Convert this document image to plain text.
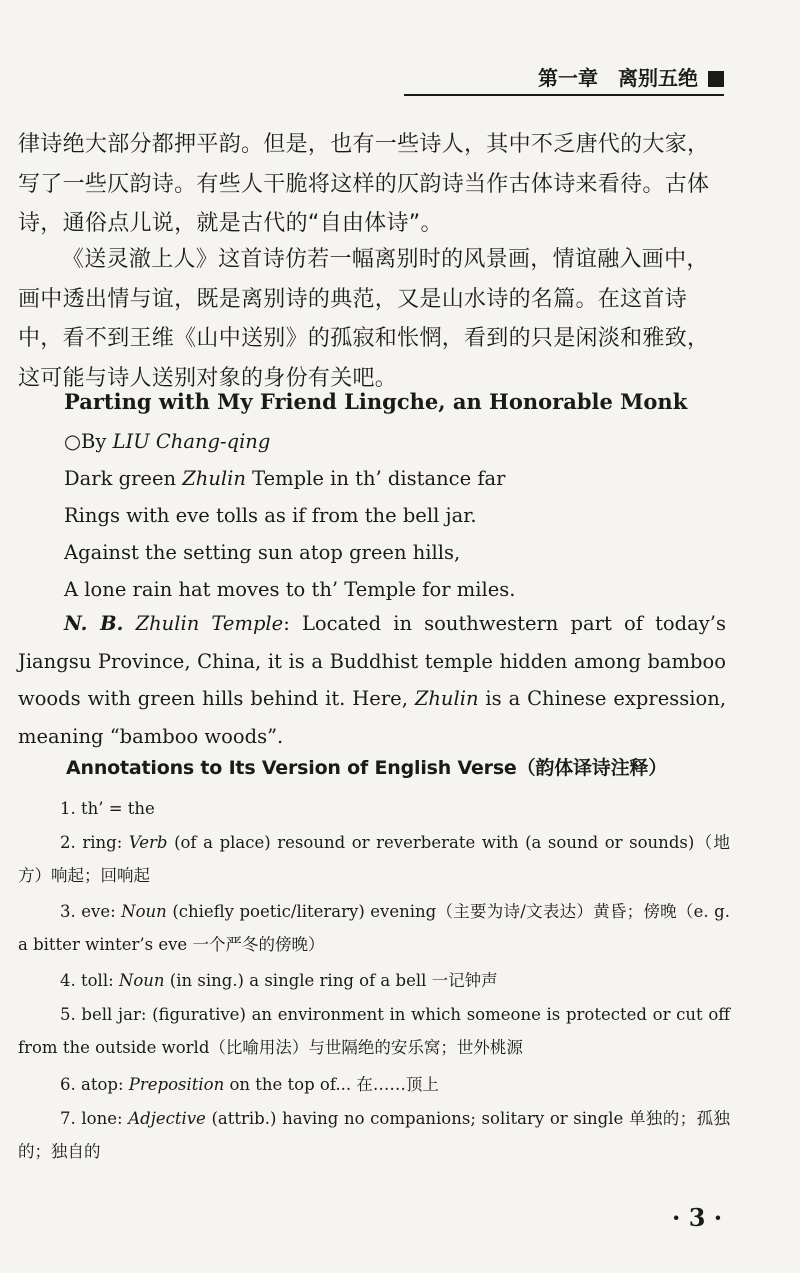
第一章　离别五绝

律诗绝大部分都押平韵。但是，也有一些诗人，其中不乏唐代的大家，写了一些仄韵诗。有些人干脆将这样的仄韵诗当作古体诗来看待。古体诗，通俗点儿说，就是古代的“自由体诗”。

《送灵澈上人》这首诗仿若一幅离别时的风景画，情谊融入画中，画中透出情与谊，既是离别诗的典范，又是山水诗的名篇。在这首诗中，看不到王维《山中送别》的孤寂和怅惘，看到的只是闲淡和雅致，这可能与诗人送别对象的身份有关吧。

Parting with My Friend Lingche, an Honorable Monk

○By LIU Chang-qing

Dark green Zhulin Temple in th’ distance far

Rings with eve tolls as if from the bell jar.

Against the setting sun atop green hills,

A lone rain hat moves to th’ Temple for miles.

N. B. Zhulin Temple: Located in southwestern part of today’s Jiangsu Province, China, it is a Buddhist temple hidden among bamboo woods with green hills behind it. Here, Zhulin is a Chinese expression, meaning “bamboo woods”.

Annotations to Its Version of English Verse（韵体译诗注释）

1. th’ = the

2. ring: Verb (of a place) resound or reverberate with (a sound or sounds)（地方）响起；回响起

3. eve: Noun (chiefly poetic/literary) evening（主要为诗/文表达）黄昏；傍晚（e. g. a bitter winter’s eve 一个严冬的傍晚）

4. toll: Noun (in sing.) a single ring of a bell 一记钟声

5. bell jar: (figurative) an environment in which someone is protected or cut off from the outside world（比喻用法）与世隔绝的安乐窝；世外桃源

6. atop: Preposition on the top of... 在……顶上

7. lone: Adjective (attrib.) having no companions; solitary or single 单独的；孤独的；独自的

· 3 ·
